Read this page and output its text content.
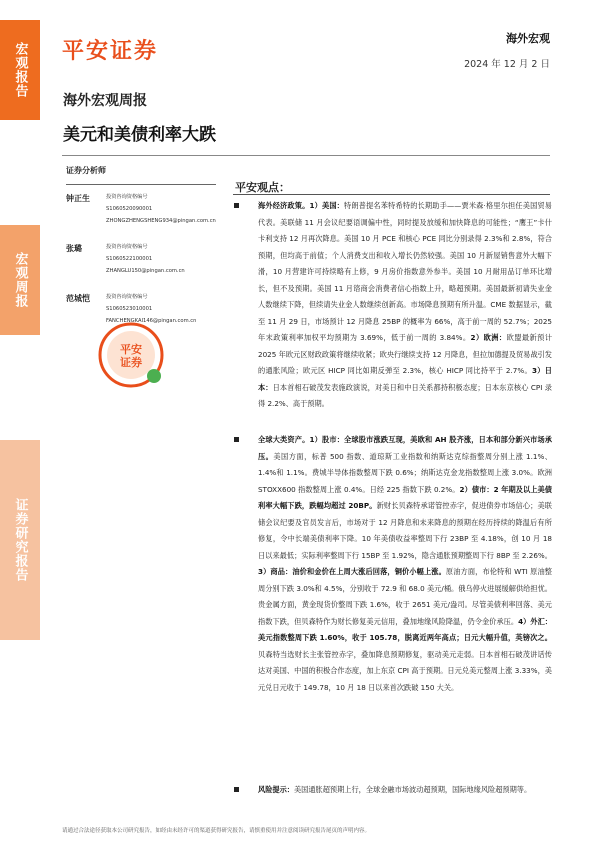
宏观报告
宏观周报
证券研究报告
平安证券
海外宏观
2024 年 12 月 2 日
海外宏观周报
美元和美债利率大跌
证券分析师
钟正生	投资咨询资格编号
S1060520090001
ZHONGZHENGSHENG934@pingan.com.cn
张璐	投资咨询资格编号
S1060522100001
ZHANGLU150@pingan.com.cn
范城恺	投资咨询资格编号
S1060523010001
FANCHENGKAI146@pingan.com.cn
平安
证券
平安观点：
海外经济政策。1）美国：特朗普提名苯特希特的长期助手——贾米森·格里尔担任美国贸易代表。美联储 11 月会议纪要语调偏中性，同时提及放缓和加快降息的可能性；“鹰王”卡什卡利支持 12 月再次降息。美国 10 月 PCE 和核心 PCE 同比分别录得 2.3%和 2.8%，符合预期，但均高于前值；个人消费支出和收入增长仍然较强。美国 10 月新屋销售意外大幅下滑，10 月营建许可持续略有上修，9 月房价指数意外参半。美国 10 月耐用品订单环比增长，但不及预期。美国 11 月谘商会消费者信心指数上升，略超预期。美国最新初请失业金人数继续下降，但续请失业金人数继续创新高。市场降息预期有所升温。CME 数据显示，截至 11 月 29 日，市场预计 12 月降息 25BP 的概率为 66%，高于前一周的 52.7%；2025 年末政策利率加权平均预期为 3.69%，低于前一周的 3.84%。2）欧洲：欧盟最新预计 2025 年欧元区财政政策将继续收紧；欧央行继续支持 12 月降息，但拉加德提及贸易战引发的通胀风险；欧元区 HICP 同比如期反弹至 2.3%，核心 HICP 同比持平于 2.7%。3）日本：日本首相石破茂发表施政演说，对美日和中日关系都持积极态度；日本东京核心 CPI 录得 2.2%、高于预期。
全球大类资产。1）股市：全球股市涨跌互现，美欧和 AH 股齐涨，日本和部分新兴市场承压。美国方面，标普 500 指数、道琼斯工业指数和纳斯达克综指整周分别上涨 1.1%、1.4%和 1.1%。费城半导体指数整周下跌 0.6%；纳斯达克金龙指数整周上涨 3.0%。欧洲 STOXX600 指数整周上涨 0.4%。日经 225 指数下跌 0.2%。2）债市：2 年期及以上美债利率大幅下跌，跌幅均超过 20BP。新财长贝森特承诺管控赤字，促进债券市场信心；美联储会议纪要及官员发言后，市场对于 12 月降息和未来降息的预期在经历持续的降温后有所修复，令中长端美债利率下降。10 年美债收益率整周下行 23BP 至 4.18%，创 10 月 18 日以来最低；实际利率整周下行 15BP 至 1.92%，隐含通胀预期整周下行 8BP 至 2.26%。3）商品：油价和金价在上周大涨后回落，铜价小幅上涨。原油方面，布伦特和 WTI 原油整周分别下跌 3.0%和 4.5%，分别收于 72.9 和 68.0 美元/桶。俄乌停火进展缓解供给担忧。贵金属方面，黄金现货价整周下跌 1.6%，收于 2651 美元/盎司。尽管美债利率回落、美元指数下跌，但贝森特作为财长修复美元信用，叠加地缘风险降温，仍令金价承压。4）外汇：美元指数整周下跌 1.60%，收于 105.78，脱离近两年高点；日元大幅升值，英镑次之。贝森特当选财长主张管控赤字，叠加降息预期修复，驱动美元走弱。日本首相石破茂讲话传达对美国、中国的积极合作态度，加上东京 CPI 高于预期。日元兑美元整周上涨 3.33%，美元兑日元收于 149.78，10 月 18 日以来首次跌破 150 大关。
风险提示：美国通胀超预期上行，全球金融市场波动超预期，国际地缘风险超预期等。
请通过合法途径获取本公司研究报告，如经由未经许可的渠道获得研究报告，请慎重使用并注意阅读研究报告尾页的声明内容。
